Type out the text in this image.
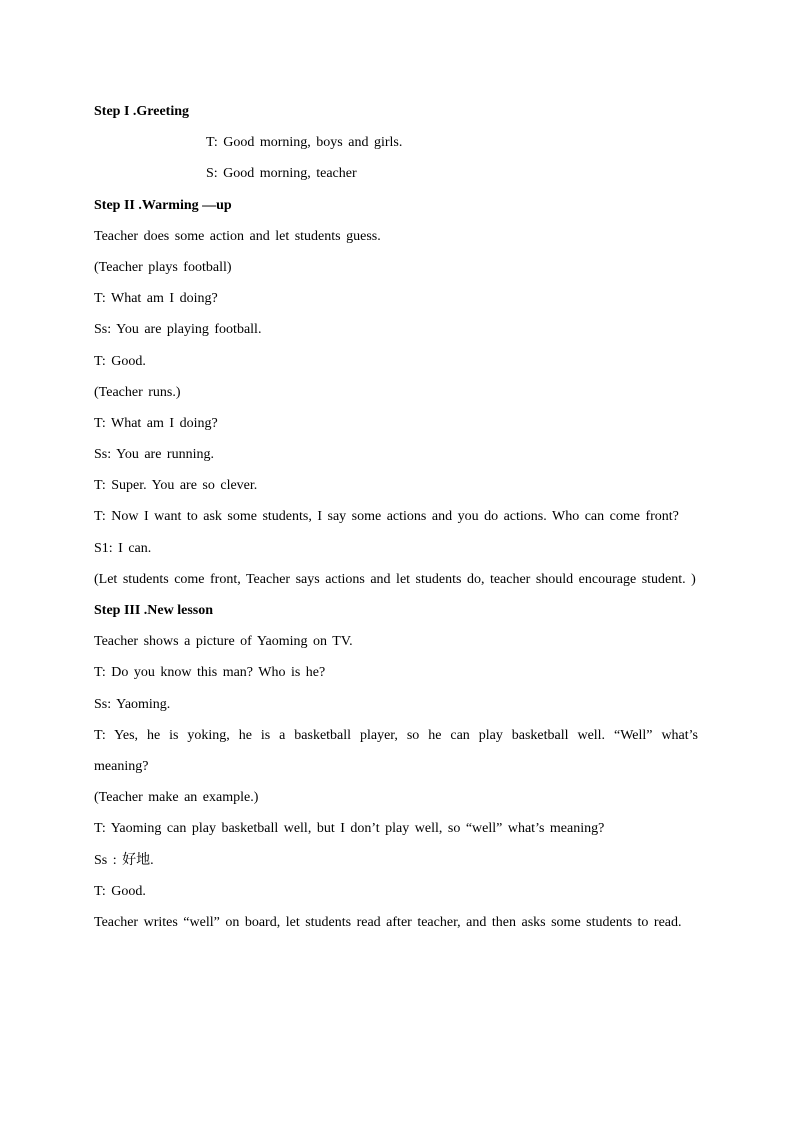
Step I .Greeting
T: Good morning, boys and girls.
S: Good morning, teacher
Step II .Warming —up
Teacher does some action and let students guess.
(Teacher plays football)
T: What am I doing?
Ss: You are playing football.
T: Good.
(Teacher runs.)
T: What am I doing?
Ss: You are running.
T: Super. You are so clever.
T: Now I want to ask some students, I say some actions and you do actions. Who can come front?
S1: I can.
(Let students come front, Teacher says actions and let students do, teacher should encourage student. )
Step III .New lesson
Teacher shows a picture of Yaoming on TV.
T: Do you know this man? Who is he?
Ss: Yaoming.
T: Yes, he is yoking, he is a basketball player, so he can play basketball well. “Well” what’s meaning?
(Teacher make an example.)
T: Yaoming can play basketball well, but I don’t play well, so “well” what’s meaning?
Ss : 好地.
T: Good.
Teacher writes “well” on board, let students read after teacher, and then asks some students to read.
